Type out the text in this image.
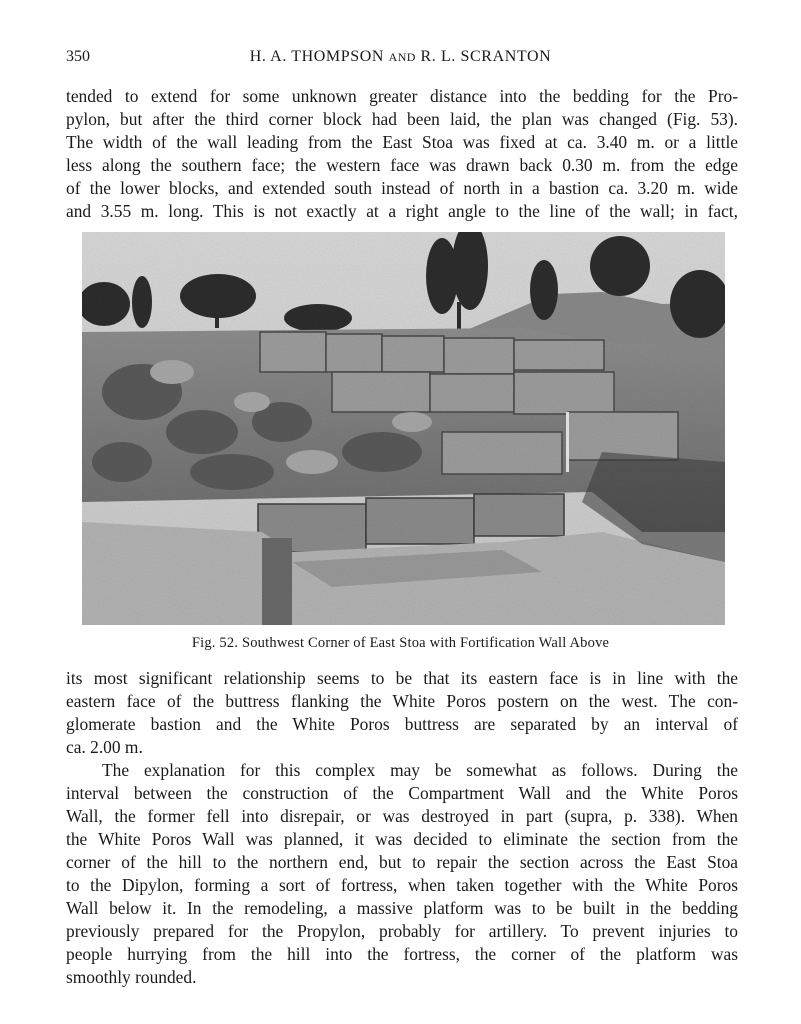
350	H. A. THOMPSON AND R. L. SCRANTON
tended to extend for some unknown greater distance into the bedding for the Pro-
pylon, but after the third corner block had been laid, the plan was changed (Fig. 53).
The width of the wall leading from the East Stoa was fixed at ca. 3.40 m. or a little
less along the southern face; the western face was drawn back 0.30 m. from the edge
of the lower blocks, and extended south instead of north in a bastion ca. 3.20 m. wide
and 3.55 m. long. This is not exactly at a right angle to the line of the wall; in fact,
Fig. 52. Southwest Corner of East Stoa with Fortification Wall Above
its most significant relationship seems to be that its eastern face is in line with the
eastern face of the buttress flanking the White Poros postern on the west. The con-
glomerate bastion and the White Poros buttress are separated by an interval of
ca. 2.00 m.
The explanation for this complex may be somewhat as follows. During the
interval between the construction of the Compartment Wall and the White Poros
Wall, the former fell into disrepair, or was destroyed in part (supra, p. 338). When
the White Poros Wall was planned, it was decided to eliminate the section from the
corner of the hill to the northern end, but to repair the section across the East Stoa
to the Dipylon, forming a sort of fortress, when taken together with the White Poros
Wall below it. In the remodeling, a massive platform was to be built in the bedding
previously prepared for the Propylon, probably for artillery. To prevent injuries to
people hurrying from the hill into the fortress, the corner of the platform was
smoothly rounded.
